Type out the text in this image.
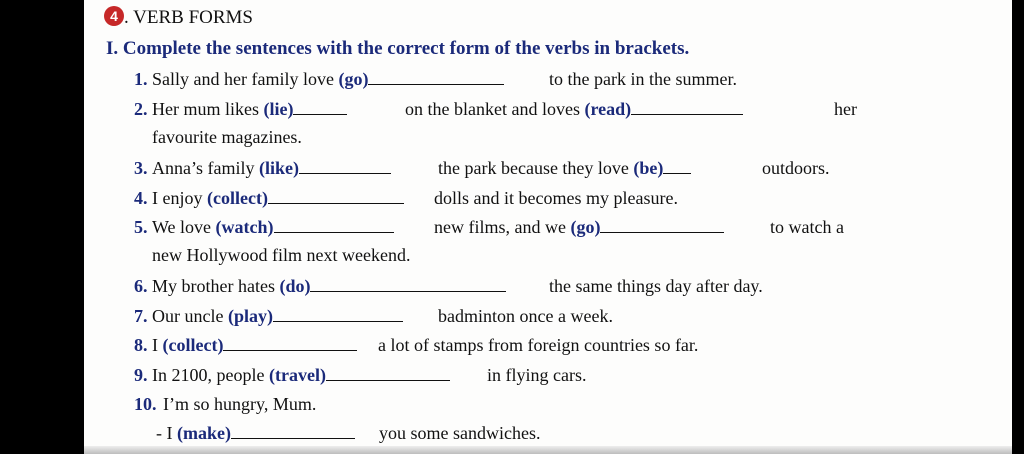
4 . VERB FORMS
I. Complete the sentences with the correct form of the verbs in brackets.
1. Sally and her family love (go)	to the park in the summer.
2. Her mum likes (lie)	on the blanket and loves (read)	her
favourite magazines.
3. Anna’s family (like)	the park because they love (be)	outdoors.
4. I enjoy (collect)	dolls and it becomes my pleasure.
5. We love (watch)	new films, and we (go)	to watch a
new Hollywood film next weekend.
6. My brother hates (do)	the same things day after day.
7. Our uncle (play)	badminton once a week.
8. I (collect)	a lot of stamps from foreign countries so far.
9. In 2100, people (travel)	in flying cars.
10. I’m so hungry, Mum.
- I (make)	you some sandwiches.
